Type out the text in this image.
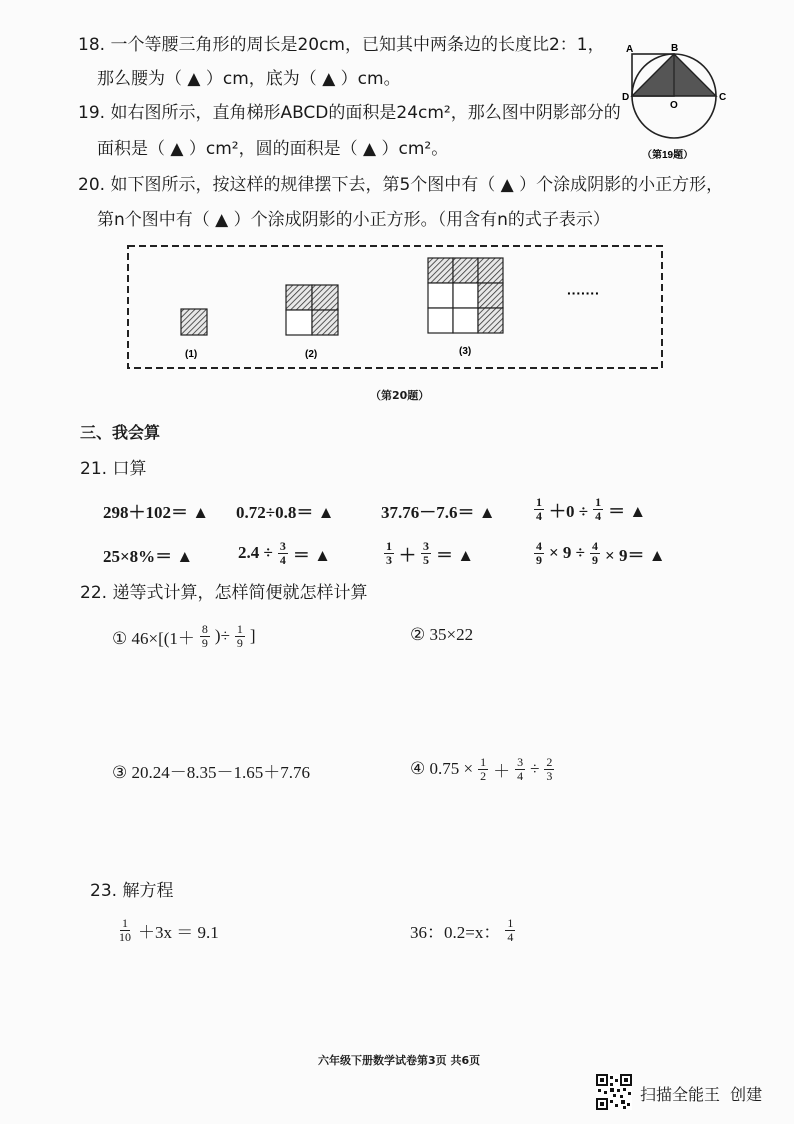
18. 一个等腰三角形的周长是20cm，已知其中两条边的长度比2：1，
那么腰为（ ▲ ）cm，底为（ ▲ ）cm。
A	B
D
O
C
（第19题）
19. 如右图所示，直角梯形ABCD的面积是24cm²，那么图中阴影部分的
面积是（ ▲ ）cm²，圆的面积是（ ▲ ）cm²。
20. 如下图所示，按这样的规律摆下去，第5个图中有（ ▲ ）个涂成阴影的小正方形，
第n个图中有（ ▲ ）个涂成阴影的小正方形。（用含有n的式子表示）
·······
(1)	(2)	(3)
（第20题）
三、我会算
21. 口算
298＋102＝ ▲ 0.72÷0.8＝ ▲	37.76－7.6＝ ▲	$\frac{1}{4} +0 \div \frac{1}{4}$ ＝ ▲
25×8%＝ ▲	$2.4 \div \frac{3}{4}$ ＝ ▲	$\frac{1}{3} + \frac{3}{5}$ ＝ ▲	$\frac{4}{9} \times 9 \div \frac{4}{9} \times 9=$ ▲
22. 递等式计算，怎样简便就怎样计算
① $46\times[(1+ \frac{8}{9}$ )÷ $\frac{1}{9}$ ]	② 35×22
③ 20.24－8.35－1.65＋7.76	④ $0.75 \times \frac{1}{2} + \frac{3}{4} \div \frac{2}{3}$
23. 解方程
$\frac{1}{10} +3x = 9.1$	36：0.2=x： $\frac{1}{4}$
六年级下册数学试卷第3页 共6页
扫描全能王  创建
